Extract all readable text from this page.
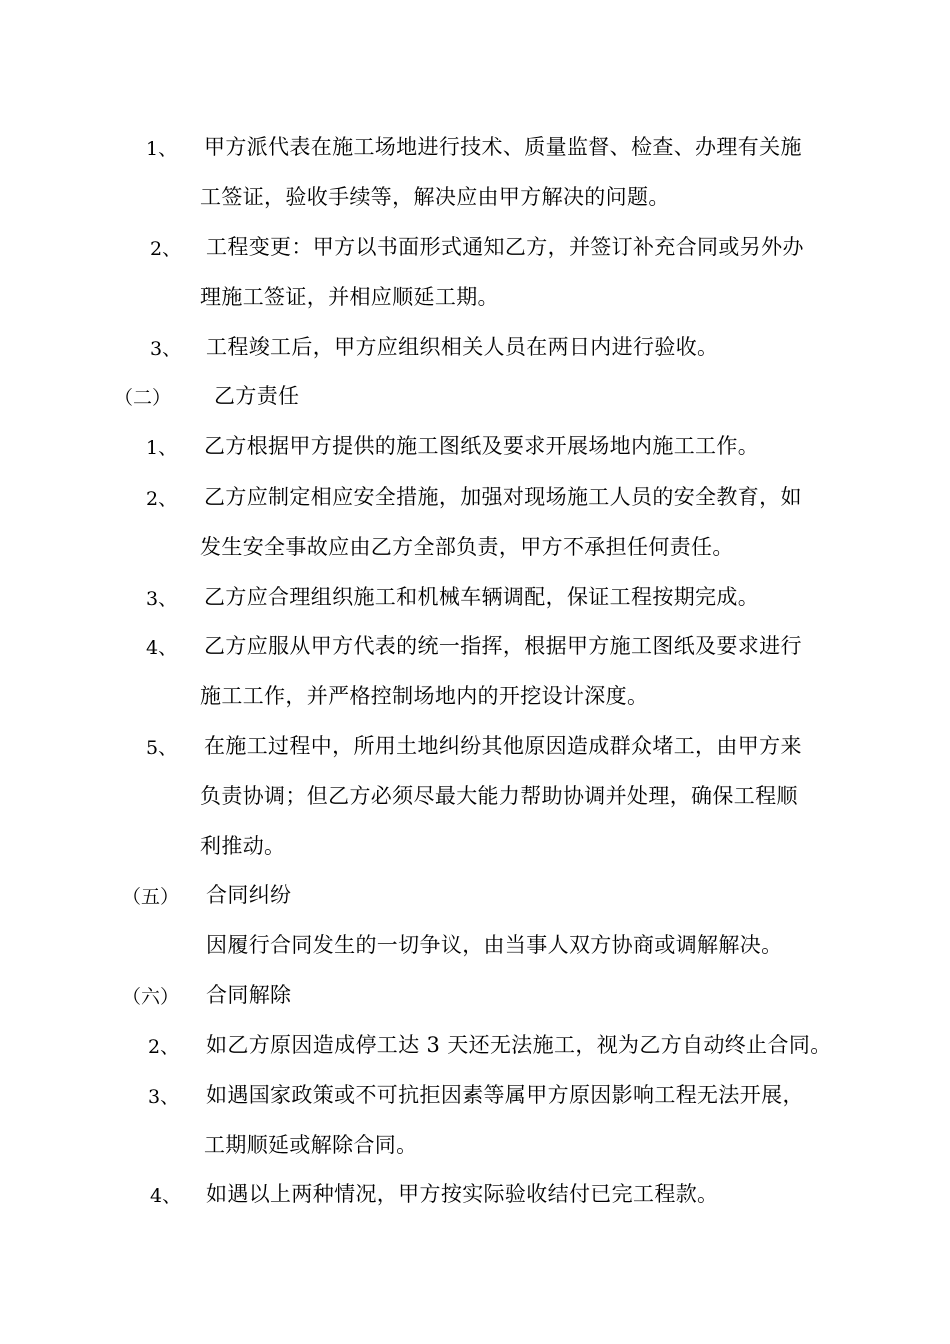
1、 甲方派代表在施工场地进行技术、质量监督、检查、办理有关施
工签证，验收手续等，解决应由甲方解决的问题。
2、 工程变更：甲方以书面形式通知乙方，并签订补充合同或另外办
理施工签证，并相应顺延工期。
3、 工程竣工后，甲方应组织相关人员在两日内进行验收。
（二） 乙方责任
1、 乙方根据甲方提供的施工图纸及要求开展场地内施工工作。
2、 乙方应制定相应安全措施，加强对现场施工人员的安全教育，如
发生安全事故应由乙方全部负责，甲方不承担任何责任。
3、 乙方应合理组织施工和机械车辆调配，保证工程按期完成。
4、 乙方应服从甲方代表的统一指挥，根据甲方施工图纸及要求进行
施工工作，并严格控制场地内的开挖设计深度。
5、 在施工过程中，所用土地纠纷其他原因造成群众堵工，由甲方来
负责协调；但乙方必须尽最大能力帮助协调并处理，确保工程顺
利推动。
（五） 合同纠纷
因履行合同发生的一切争议，由当事人双方协商或调解解决。
（六） 合同解除
2、 如乙方原因造成停工达 3 天还无法施工，视为乙方自动终止合同。
3、 如遇国家政策或不可抗拒因素等属甲方原因影响工程无法开展，
工期顺延或解除合同。
4、 如遇以上两种情况，甲方按实际验收结付已完工程款。
